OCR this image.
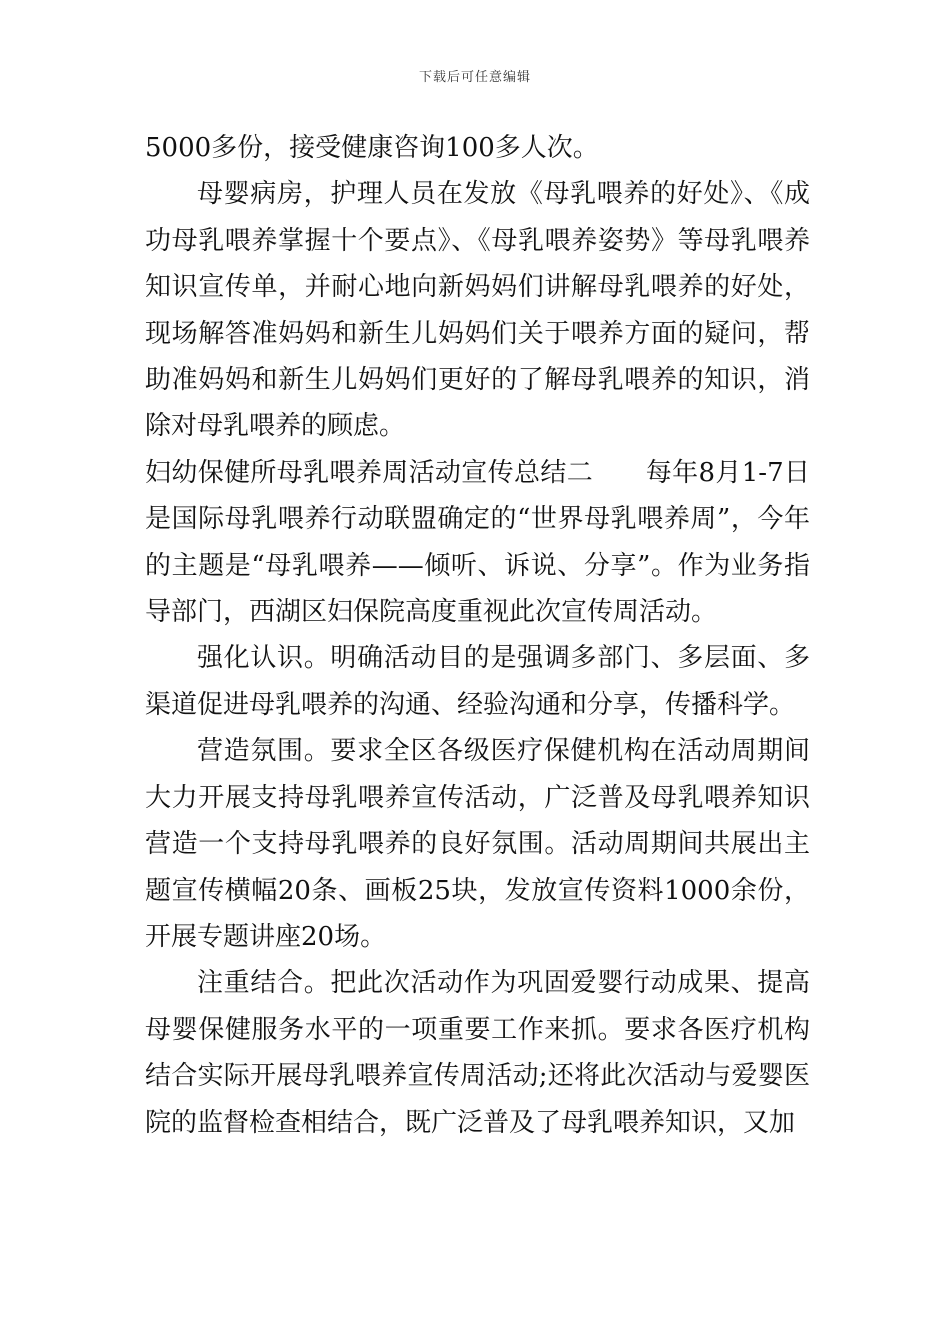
下载后可任意编辑

5000多份，接受健康咨询100多人次。

母婴病房，护理人员在发放《母乳喂养的好处》、《成功母乳喂养掌握十个要点》、《母乳喂养姿势》等母乳喂养知识宣传单，并耐心地向新妈妈们讲解母乳喂养的好处，现场解答准妈妈和新生儿妈妈们关于喂养方面的疑问，帮助准妈妈和新生儿妈妈们更好的了解母乳喂养的知识，消除对母乳喂养的顾虑。

妇幼保健所母乳喂养周活动宣传总结二　　每年8月1-7日是国际母乳喂养行动联盟确定的“世界母乳喂养周”，今年的主题是“母乳喂养——倾听、诉说、分享”。作为业务指导部门，西湖区妇保院高度重视此次宣传周活动。

强化认识。明确活动目的是强调多部门、多层面、多渠道促进母乳喂养的沟通、经验沟通和分享，传播科学。

营造氛围。要求全区各级医疗保健机构在活动周期间大力开展支持母乳喂养宣传活动，广泛普及母乳喂养知识营造一个支持母乳喂养的良好氛围。活动周期间共展出主题宣传横幅20条、画板25块，发放宣传资料1000余份，开展专题讲座20场。

注重结合。把此次活动作为巩固爱婴行动成果、提高母婴保健服务水平的一项重要工作来抓。要求各医疗机构结合实际开展母乳喂养宣传周活动;还将此次活动与爱婴医院的监督检查相结合，既广泛普及了母乳喂养知识，又加
